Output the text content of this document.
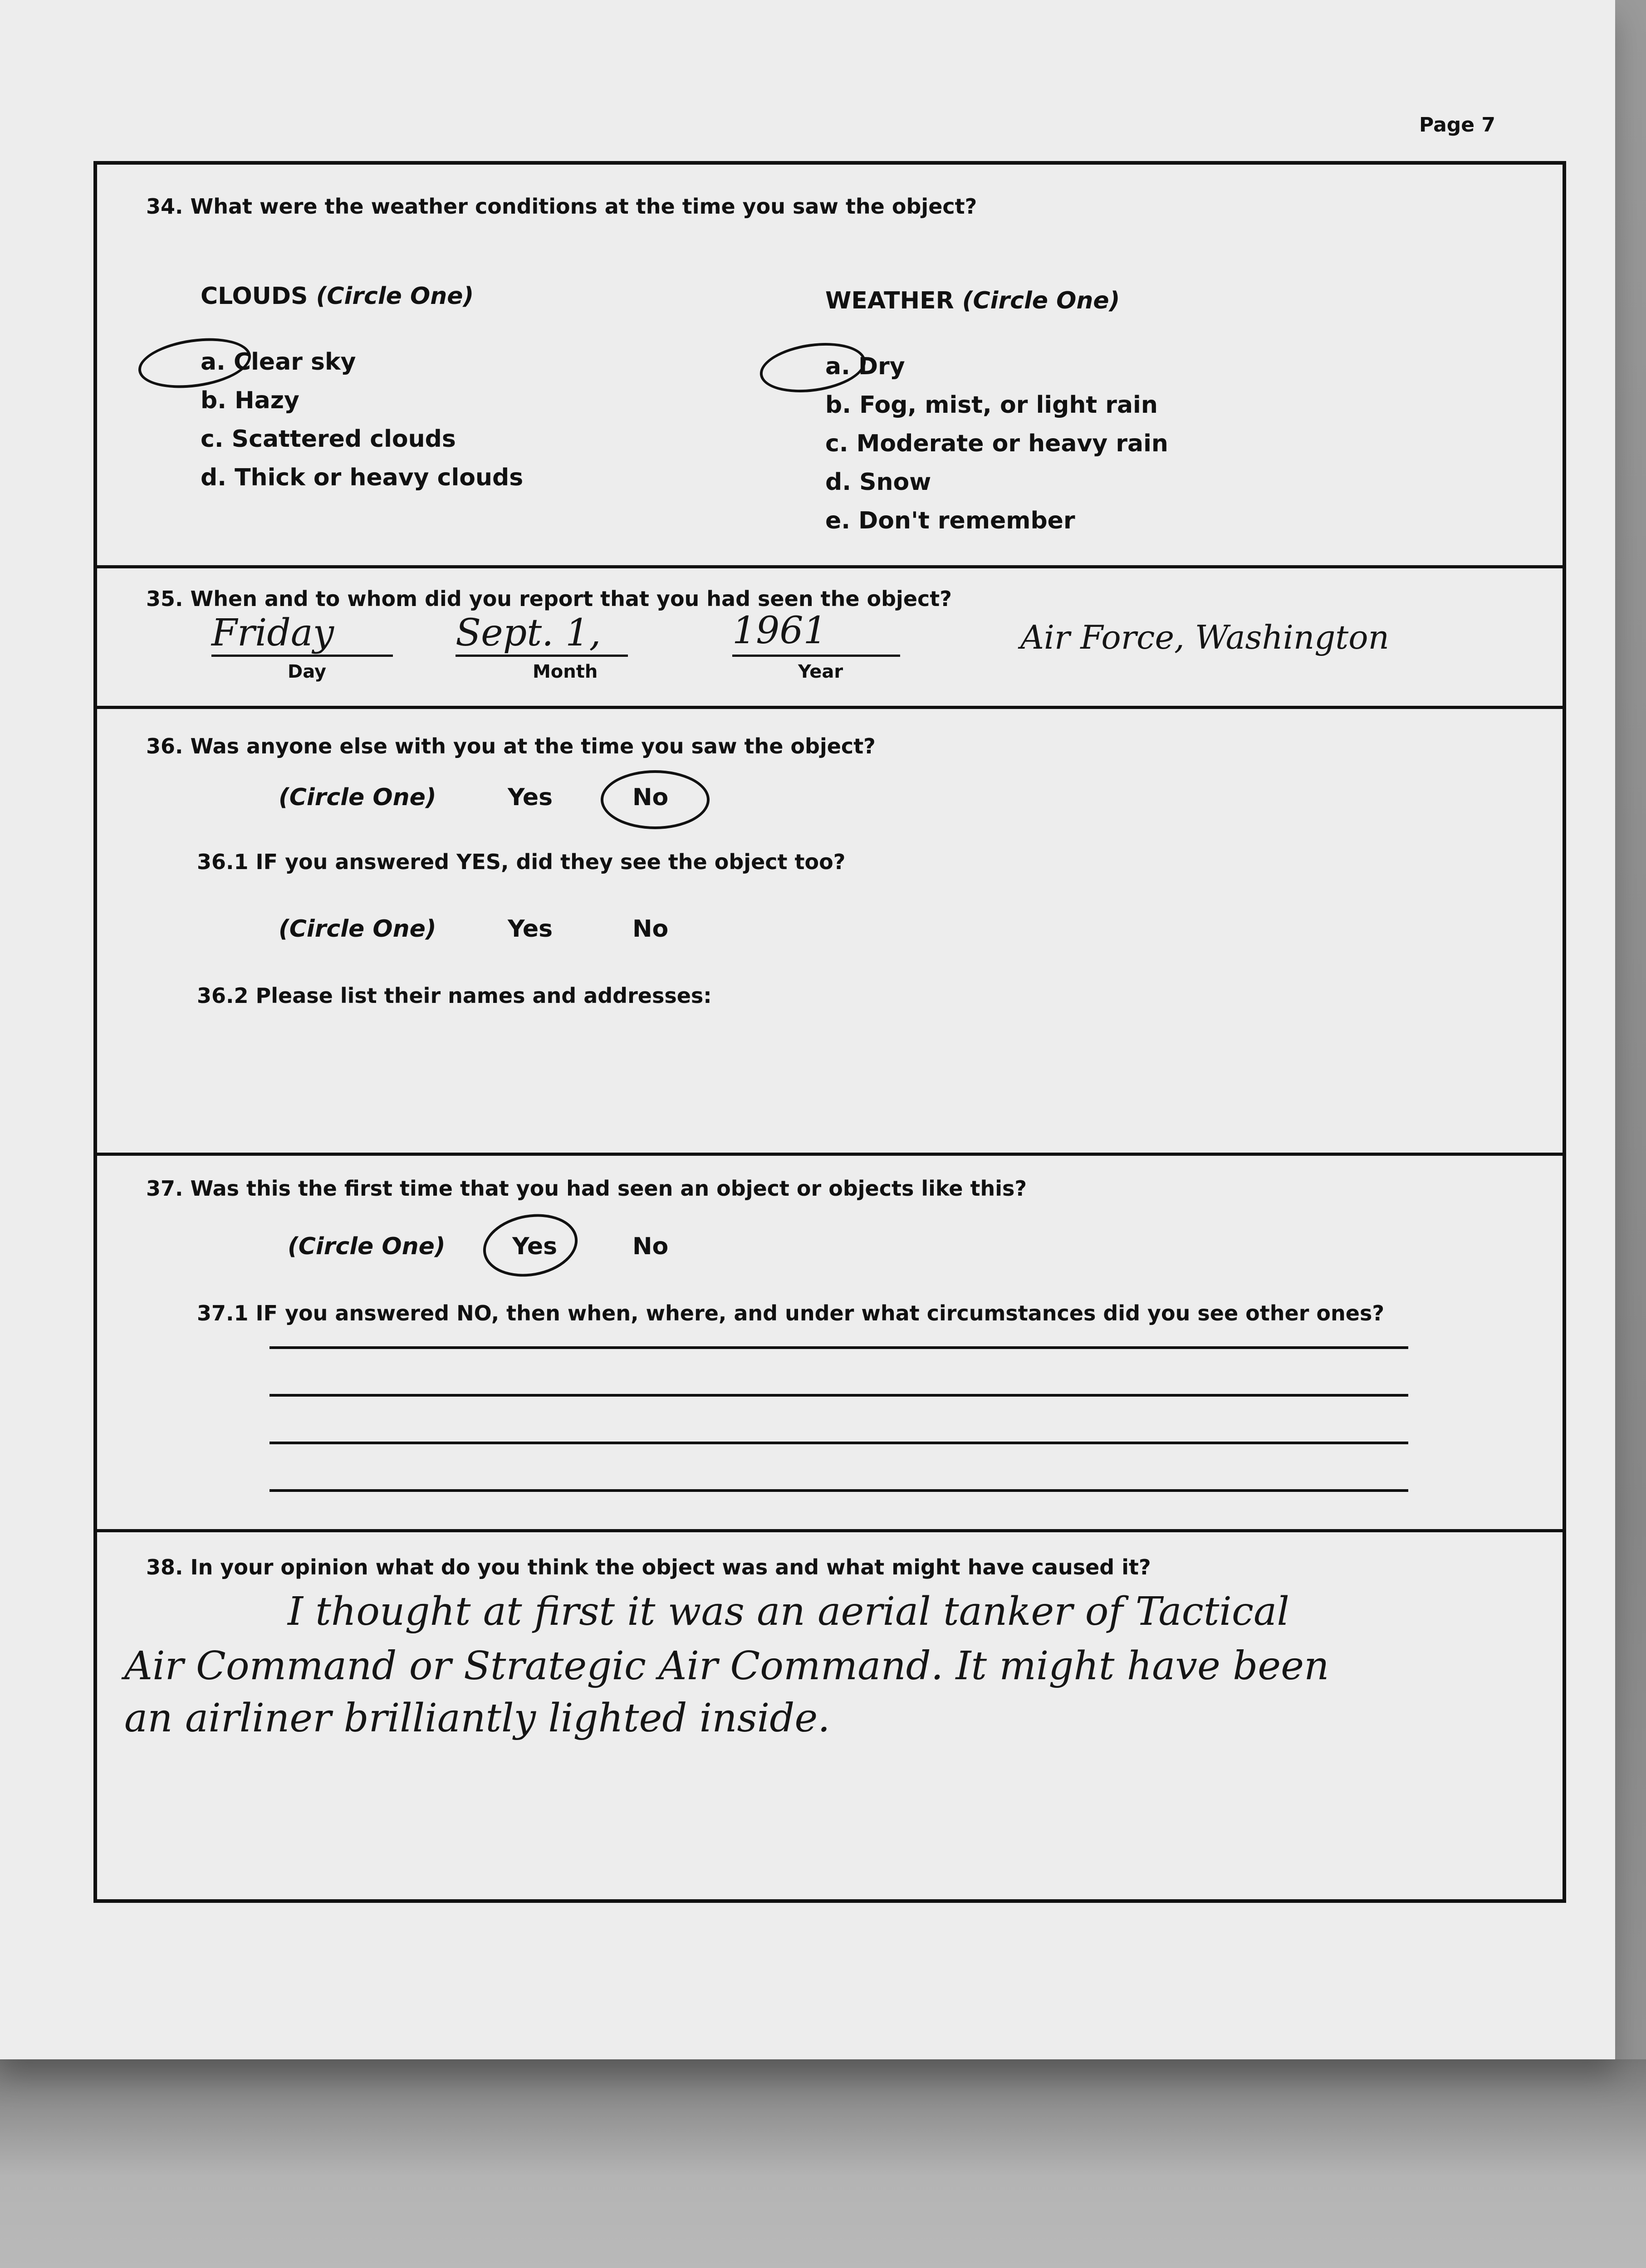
Page 7
34. What were the weather conditions at the time you saw the object?
CLOUDS (Circle One)
a. Clear sky
b. Hazy
c. Scattered clouds
d. Thick or heavy clouds
WEATHER (Circle One)
a. Dry
b. Fog, mist, or light rain
c. Moderate or heavy rain
d. Snow
e. Don't remember
35. When and to whom did you report that you had seen the object?
Friday
Day
Sept. 1,
Month
1961
Year
Air Force, Washington
36. Was anyone else with you at the time you saw the object?
(Circle One)	Yes	No
36.1 IF you answered YES, did they see the object too?
(Circle One)	Yes	No
36.2 Please list their names and addresses:
37. Was this the first time that you had seen an object or objects like this?
(Circle One)	Yes	No
37.1 IF you answered NO, then when, where, and under what circumstances did you see other ones?
38. In your opinion what do you think the object was and what might have caused it?
I thought at first it was an aerial tanker of Tactical
Air Command or Strategic Air Command. It might have been
an airliner brilliantly lighted inside.
